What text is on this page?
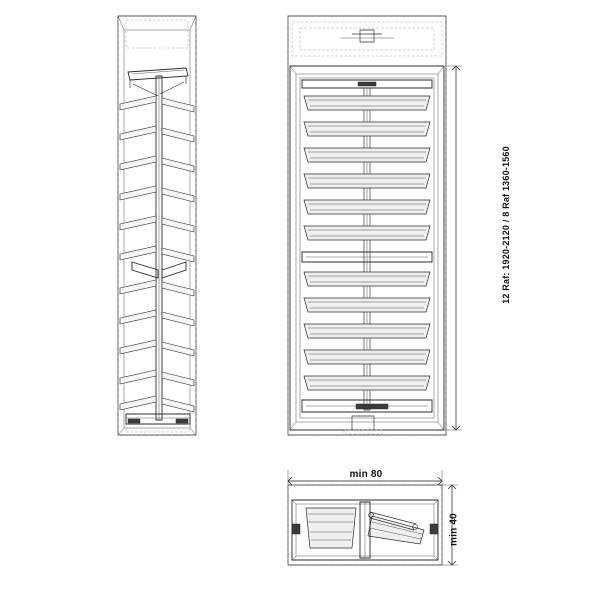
12 Raf: 1920-2120 / 8 Raf 1360-1560
min 80
min 40
